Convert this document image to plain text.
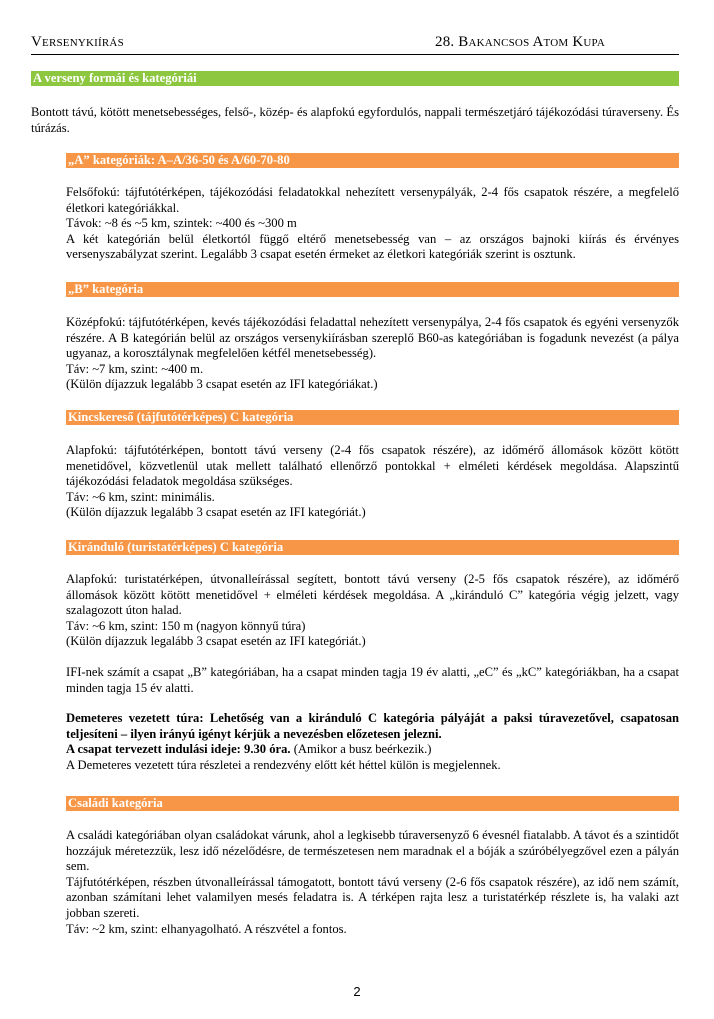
Versenykiírás	28. Bakancsos Atom Kupa
A verseny formái és kategóriái

Bontott távú, kötött menetsebességes, felső-, közép- és alapfokú egyfordulós, nappali természetjáró tájékozódási túraverseny. És túrázás.

„A” kategóriák: A–A/36-50 és A/60-70-80

Felsőfokú: tájfutótérképen, tájékozódási feladatokkal nehezített versenypályák, 2-4 fős csapatok részére, a megfelelő életkori kategóriákkal.

Távok: ~8 és ~5 km, szintek: ~400 és ~300 m

A két kategórián belül életkortól függő eltérő menetsebesség van – az országos bajnoki kiírás és érvényes versenyszabályzat szerint. Legalább 3 csapat esetén érmeket az életkori kategóriák szerint is osztunk.

„B” kategória

Középfokú: tájfutótérképen, kevés tájékozódási feladattal nehezített versenypálya, 2-4 fős csapatok és egyéni versenyzők részére. A B kategórián belül az országos versenykiírásban szereplő B60-as kategóriában is fogadunk nevezést (a pálya ugyanaz, a korosztálynak megfelelően kétfél menetsebesség).

Táv: ~7 km, szint: ~400 m.

(Külön díjazzuk legalább 3 csapat esetén az IFI kategóriákat.)

Kincskereső (tájfutótérképes) C kategória

Alapfokú: tájfutótérképen, bontott távú verseny (2-4 fős csapatok részére), az időmérő állomások között kötött menetidővel, közvetlenül utak mellett található ellenőrző pontokkal + elméleti kérdések megoldása. Alapszintű tájékozódási feladatok megoldása szükséges.

Táv: ~6 km, szint: minimális.

(Külön díjazzuk legalább 3 csapat esetén az IFI kategóriát.)

Kiránduló (turistatérképes) C kategória

Alapfokú: turistatérképen, útvonalleírással segített, bontott távú verseny (2-5 fős csapatok részére), az időmérő állomások között kötött menetidővel + elméleti kérdések megoldása. A „kiránduló C” kategória végig jelzett, vagy szalagozott úton halad.

Táv: ~6 km, szint: 150 m (nagyon könnyű túra)

(Külön díjazzuk legalább 3 csapat esetén az IFI kategóriát.)

IFI-nek számít a csapat „B” kategóriában, ha a csapat minden tagja 19 év alatti, „eC” és „kC” kategóriákban, ha a csapat minden tagja 15 év alatti.

Demeteres vezetett túra: Lehetőség van a kiránduló C kategória pályáját a paksi túravezetővel, csapatosan teljesíteni – ilyen irányú igényt kérjük a nevezésben előzetesen jelezni.

A csapat tervezett indulási ideje: 9.30 óra. (Amikor a busz beérkezik.)

A Demeteres vezetett túra részletei a rendezvény előtt két héttel külön is megjelennek.

Családi kategória

A családi kategóriában olyan családokat várunk, ahol a legkisebb túraversenyző 6 évesnél fiatalabb. A távot és a szintidőt hozzájuk méretezzük, lesz idő nézelődésre, de természetesen nem maradnak el a bóják a szúróbélyegzővel ezen a pályán sem.

Tájfutótérképen, részben útvonalleírással támogatott, bontott távú verseny (2-6 fős csapatok részére), az idő nem számít, azonban számítani lehet valamilyen mesés feladatra is. A térképen rajta lesz a turistatérkép részlete is, ha valaki azt jobban szereti.

Táv: ~2 km, szint: elhanyagolható. A részvétel a fontos.

2
